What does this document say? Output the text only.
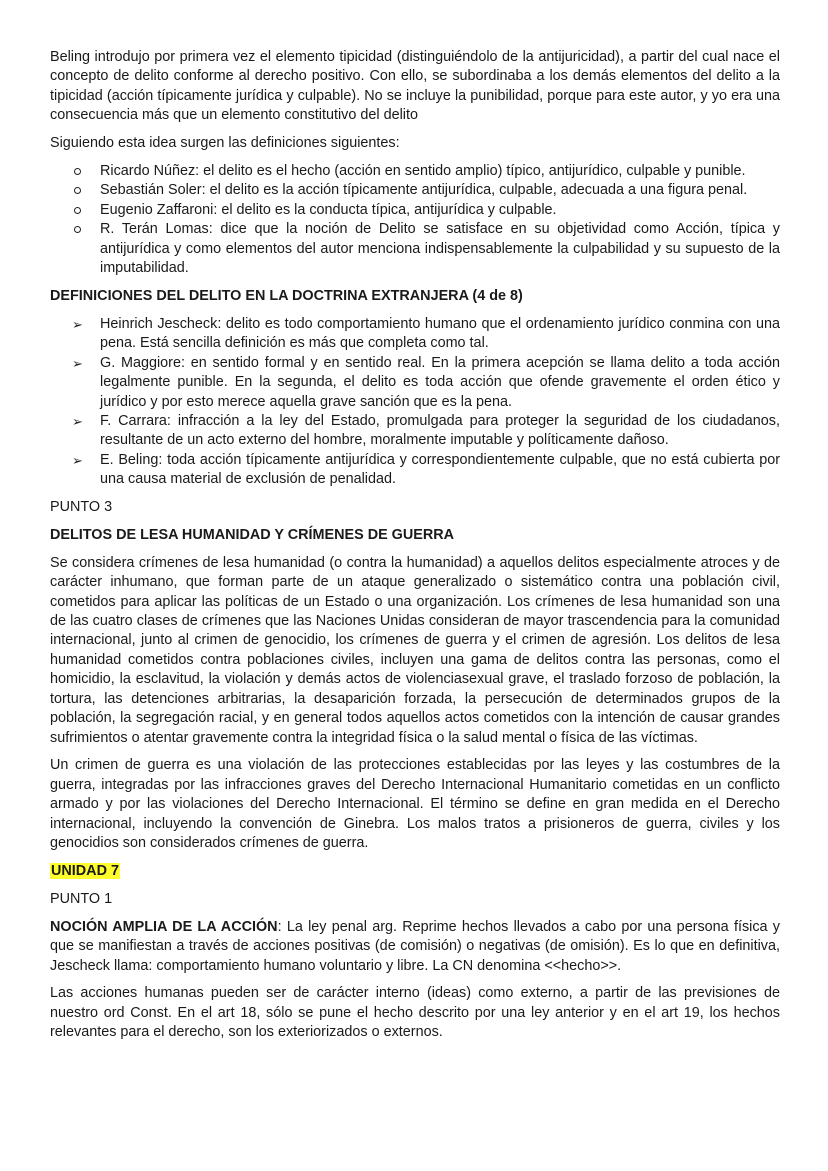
Beling introdujo por primera vez el elemento tipicidad (distinguiéndolo de la antijuricidad), a partir del cual nace el concepto de delito conforme al derecho positivo. Con ello, se subordinaba a los demás elementos del delito a la tipicidad (acción típicamente jurídica y culpable). No se incluye la punibilidad, porque para este autor, y yo era una consecuencia más que un elemento constitutivo del delito

Siguiendo esta idea surgen las definiciones siguientes:

Ricardo Núñez: el delito es el hecho (acción en sentido amplio) típico, antijurídico, culpable y punible.
Sebastián Soler: el delito es la acción típicamente antijurídica, culpable, adecuada a una figura penal.
Eugenio Zaffaroni: el delito es la conducta típica, antijurídica y culpable.
R. Terán Lomas: dice que la noción de Delito se satisface en su objetividad como Acción, típica y antijurídica y como elementos del autor menciona indispensablemente la culpabilidad y su supuesto de la imputabilidad.
DEFINICIONES DEL DELITO EN LA DOCTRINA EXTRANJERA (4 de 8)
➢
Heinrich Jescheck: delito es todo comportamiento humano que el ordenamiento jurídico conmina con una pena. Está sencilla definición es más que completa como tal.
➢
G. Maggiore: en sentido formal y en sentido real. En la primera acepción se llama delito a toda acción legalmente punible. En la segunda, el delito es toda acción que ofende gravemente el orden ético y jurídico y por esto merece aquella grave sanción que es la pena.
➢
F. Carrara: infracción a la ley del Estado, promulgada para proteger la seguridad de los ciudadanos, resultante de un acto externo del hombre, moralmente imputable y políticamente dañoso.
➢
E. Beling: toda acción típicamente antijurídica y correspondientemente culpable, que no está cubierta por una causa material de exclusión de penalidad.
PUNTO 3
DELITOS DE LESA HUMANIDAD Y CRÍMENES DE GUERRA

Se considera crímenes de lesa humanidad (o contra la humanidad) a aquellos delitos especialmente atroces y de carácter inhumano, que forman parte de un ataque generalizado o sistemático contra una población civil, cometidos para aplicar las políticas de un Estado o una organización. Los crímenes de lesa humanidad son una de las cuatro clases de crímenes que las Naciones Unidas consideran de mayor trascendencia para la comunidad internacional, junto al crimen de genocidio, los crímenes de guerra y el crimen de agresión. Los delitos de lesa humanidad cometidos contra poblaciones civiles, incluyen una gama de delitos contra las personas, como el homicidio, la esclavitud, la violación y demás actos de violenciasexual grave, el traslado forzoso de población, la tortura, las detenciones arbitrarias, la desaparición forzada, la persecución de determinados grupos de la población, la segregación racial, y en general todos aquellos actos cometidos con la intención de causar grandes sufrimientos o atentar gravemente contra la integridad física o la salud mental o física de las víctimas.

Un crimen de guerra es una violación de las protecciones establecidas por las leyes y las costumbres de la guerra, integradas por las infracciones graves del Derecho Internacional Humanitario cometidas en un conflicto armado y por las violaciones del Derecho Internacional. El término se define en gran medida en el Derecho internacional, incluyendo la convención de Ginebra. Los malos tratos a prisioneros de guerra, civiles y los genocidios son considerados crímenes de guerra.

UNIDAD 7
PUNTO 1

NOCIÓN AMPLIA DE LA ACCIÓN: La ley penal arg. Reprime hechos llevados a cabo por una persona física y que se manifiestan a través de acciones positivas (de comisión) o negativas (de omisión). Es lo que en definitiva, Jescheck llama: comportamiento humano voluntario y libre. La CN denomina <<hecho>>.

Las acciones humanas pueden ser de carácter interno (ideas) como externo, a partir de las previsiones de nuestro ord Const. En el art 18, sólo se pune el hecho descrito por una ley anterior y en el art 19, los hechos relevantes para el derecho, son los exteriorizados o externos.
